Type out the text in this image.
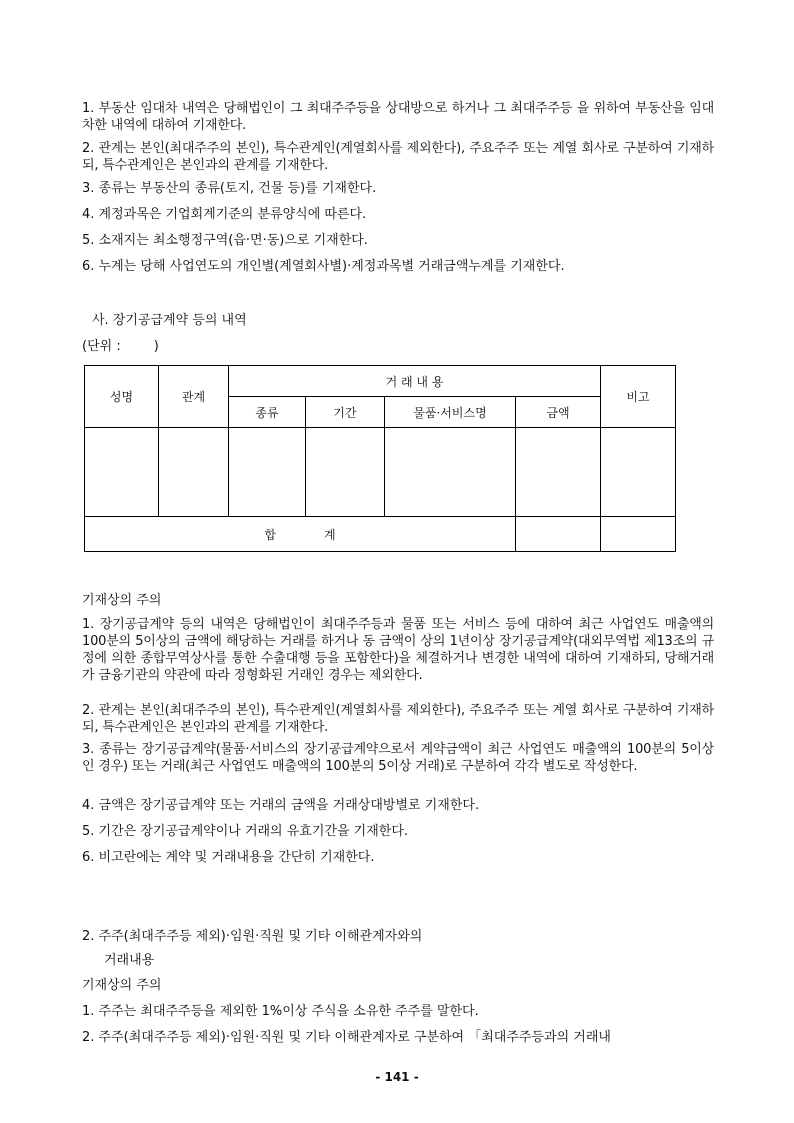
1. 부동산 임대차 내역은 당해법인이 그 최대주주등을 상대방으로 하거나 그 최대주주등 을 위하여 부동산을 임대차한 내역에 대하여 기재한다.

2. 관계는 본인(최대주주의 본인), 특수관계인(계열회사를 제외한다), 주요주주 또는 계열 회사로 구분하여 기재하되, 특수관계인은 본인과의 관계를 기재한다.

3. 종류는 부동산의 종류(토지, 건물 등)를 기재한다.

4. 계정과목은 기업회계기준의 분류양식에 따른다.

5. 소재지는 최소행정구역(읍·면·동)으로 기재한다.

6. 누계는 당해 사업연도의 개인별(계열회사별)·계정과목별 거래금액누계를 기재한다.

사. 장기공급계약 등의 내역

(단위 :        )

성명	관계	거 래 내 용				비고
		종류	기간	물품·서비스명	금액	

합 계						

기재상의 주의

1. 장기공급계약 등의 내역은 당해법인이 최대주주등과 물품 또는 서비스 등에 대하여 최근 사업연도 매출액의 100분의 5이상의 금액에 해당하는 거래를 하거나 동 금액이 상의 1년이상 장기공급계약(대외무역법 제13조의 규정에 의한 종합무역상사를 통한 수출대행 등을 포함한다)을 체결하거나 변경한 내역에 대하여 기재하되, 당해거래가 금융기관의 약관에 따라 정형화된 거래인 경우는 제외한다.

2. 관계는 본인(최대주주의 본인), 특수관계인(계열회사를 제외한다), 주요주주 또는 계열 회사로 구분하여 기재하되, 특수관계인은 본인과의 관계를 기재한다.

3. 종류는 장기공급계약(물품·서비스의 장기공급계약으로서 계약금액이 최근 사업연도 매출액의 100분의 5이상인 경우) 또는 거래(최근 사업연도 매출액의 100분의 5이상 거래)로 구분하여 각각 별도로 작성한다.

4. 금액은 장기공급계약 또는 거래의 금액을 거래상대방별로 기재한다.

5. 기간은 장기공급계약이나 거래의 유효기간을 기재한다.

6. 비고란에는 계약 및 거래내용을 간단히 기재한다.

2. 주주(최대주주등 제외)·임원·직원 및 기타 이해관계자와의

거래내용

기재상의 주의

1. 주주는 최대주주등을 제외한 1%이상 주식을 소유한 주주를 말한다.

2. 주주(최대주주등 제외)·임원·직원 및 기타 이해관계자로 구분하여 「최대주주등과의 거래내

- 141 -
